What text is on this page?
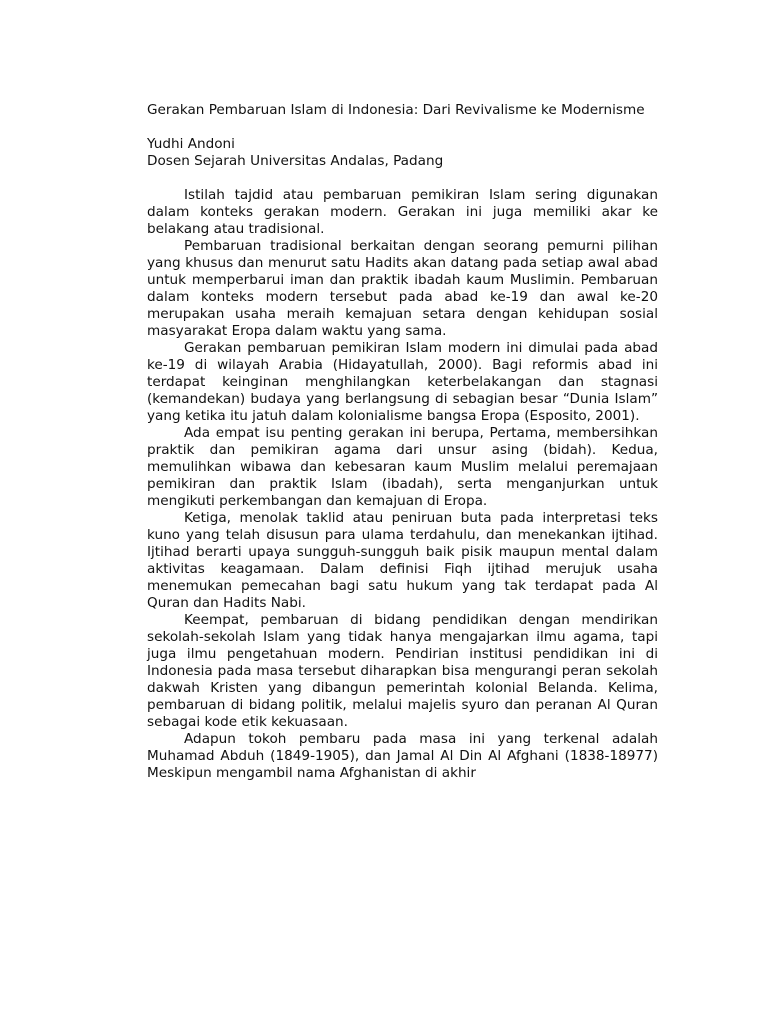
Gerakan Pembaruan Islam di Indonesia: Dari Revivalisme ke Modernisme

Yudhi Andoni

Dosen Sejarah Universitas Andalas, Padang

Istilah tajdid atau pembaruan pemikiran Islam sering digunakan dalam konteks gerakan modern. Gerakan ini juga memiliki akar ke belakang atau tradisional.

Pembaruan tradisional berkaitan dengan seorang pemurni pilihan yang khusus dan menurut satu Hadits akan datang pada setiap awal abad untuk memperbarui iman dan praktik ibadah kaum Muslimin. Pembaruan dalam konteks modern tersebut pada abad ke-19 dan awal ke-20 merupakan usaha meraih kemajuan setara dengan kehidupan sosial masyarakat Eropa dalam waktu yang sama.

Gerakan pembaruan pemikiran Islam modern ini dimulai pada abad ke-19 di wilayah Arabia (Hidayatullah, 2000). Bagi reformis abad ini terdapat keinginan menghilangkan keterbelakangan dan stagnasi (kemandekan) budaya yang berlangsung di sebagian besar “Dunia Islam” yang ketika itu jatuh dalam kolonialisme bangsa Eropa (Esposito, 2001).

Ada empat isu penting gerakan ini berupa, Pertama, membersihkan praktik dan pemikiran agama dari unsur asing (bidah). Kedua, memulihkan wibawa dan kebesaran kaum Muslim melalui peremajaan pemikiran dan praktik Islam (ibadah), serta menganjurkan untuk mengikuti perkembangan dan kemajuan di Eropa.

Ketiga, menolak taklid atau peniruan buta pada interpretasi teks kuno yang telah disusun para ulama terdahulu, dan menekankan ijtihad. Ijtihad berarti upaya sungguh-sungguh baik pisik maupun mental dalam aktivitas keagamaan. Dalam definisi Fiqh ijtihad merujuk usaha menemukan pemecahan bagi satu hukum yang tak terdapat pada Al Quran dan Hadits Nabi.

Keempat, pembaruan di bidang pendidikan dengan mendirikan sekolah-sekolah Islam yang tidak hanya mengajarkan ilmu agama, tapi juga ilmu pengetahuan modern. Pendirian institusi pendidikan ini di Indonesia pada masa tersebut diharapkan bisa mengurangi peran sekolah dakwah Kristen yang dibangun pemerintah kolonial Belanda. Kelima, pembaruan di bidang politik, melalui majelis syuro dan peranan Al Quran sebagai kode etik kekuasaan.

Adapun tokoh pembaru pada masa ini yang terkenal adalah Muhamad Abduh (1849-1905), dan Jamal Al Din Al Afghani (1838-18977) Meskipun mengambil nama Afghanistan di akhir
